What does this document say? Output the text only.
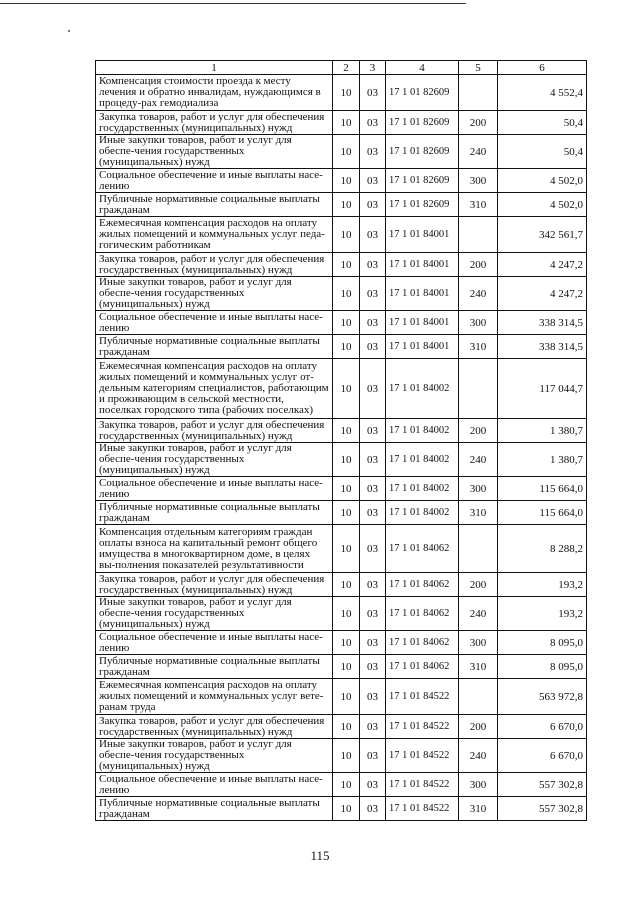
1	2	3	4	5	6
Компенсация стоимости проезда к месту лечения и обратно инвалидам, нуждающимся в процеду-рах гемодиализа	10	03	17 1 01 82609		4 552,4
Закупка товаров, работ и услуг для обеспечения государственных (муниципальных) нужд	10	03	17 1 01 82609	200	50,4
Иные закупки товаров, работ и услуг для обеспе-чения государственных (муниципальных) нужд	10	03	17 1 01 82609	240	50,4
Социальное обеспечение и иные выплаты насе-лению	10	03	17 1 01 82609	300	4 502,0
Публичные нормативные социальные выплаты гражданам	10	03	17 1 01 82609	310	4 502,0
Ежемесячная компенсация расходов на оплату жилых помещений и коммунальных услуг педа-гогическим работникам	10	03	17 1 01 84001		342 561,7
Закупка товаров, работ и услуг для обеспечения государственных (муниципальных) нужд	10	03	17 1 01 84001	200	4 247,2
Иные закупки товаров, работ и услуг для обеспе-чения государственных (муниципальных) нужд	10	03	17 1 01 84001	240	4 247,2
Социальное обеспечение и иные выплаты насе-лению	10	03	17 1 01 84001	300	338 314,5
Публичные нормативные социальные выплаты гражданам	10	03	17 1 01 84001	310	338 314,5
Ежемесячная компенсация расходов на оплату жилых помещений и коммунальных услуг от-дельным категориям специалистов, работающим и проживающим в сельской местности, поселках городского типа (рабочих поселках)	10	03	17 1 01 84002		117 044,7
Закупка товаров, работ и услуг для обеспечения государственных (муниципальных) нужд	10	03	17 1 01 84002	200	1 380,7
Иные закупки товаров, работ и услуг для обеспе-чения государственных (муниципальных) нужд	10	03	17 1 01 84002	240	1 380,7
Социальное обеспечение и иные выплаты насе-лению	10	03	17 1 01 84002	300	115 664,0
Публичные нормативные социальные выплаты гражданам	10	03	17 1 01 84002	310	115 664,0
Компенсация отдельным категориям граждан оплаты взноса на капитальный ремонт общего имущества в многоквартирном доме, в целях вы-полнения показателей результативности	10	03	17 1 01 84062		8 288,2
Закупка товаров, работ и услуг для обеспечения государственных (муниципальных) нужд	10	03	17 1 01 84062	200	193,2
Иные закупки товаров, работ и услуг для обеспе-чения государственных (муниципальных) нужд	10	03	17 1 01 84062	240	193,2
Социальное обеспечение и иные выплаты насе-лению	10	03	17 1 01 84062	300	8 095,0
Публичные нормативные социальные выплаты гражданам	10	03	17 1 01 84062	310	8 095,0
Ежемесячная компенсация расходов на оплату жилых помещений и коммунальных услуг вете-ранам труда	10	03	17 1 01 84522		563 972,8
Закупка товаров, работ и услуг для обеспечения государственных (муниципальных) нужд	10	03	17 1 01 84522	200	6 670,0
Иные закупки товаров, работ и услуг для обеспе-чения государственных (муниципальных) нужд	10	03	17 1 01 84522	240	6 670,0
Социальное обеспечение и иные выплаты насе-лению	10	03	17 1 01 84522	300	557 302,8
Публичные нормативные социальные выплаты гражданам	10	03	17 1 01 84522	310	557 302,8
115
